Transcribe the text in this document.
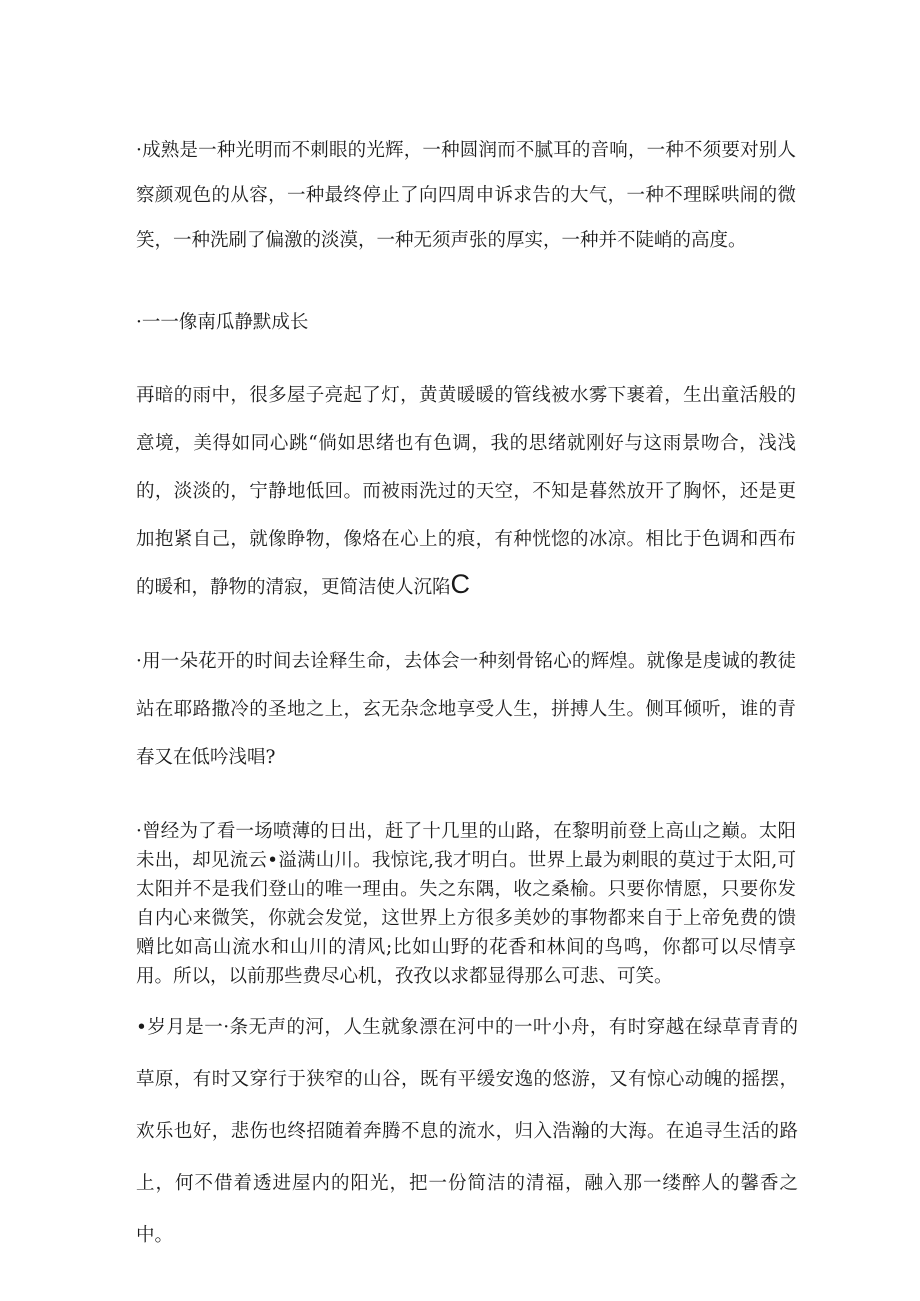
·成熟是一种光明而不刺眼的光辉，一种圆润而不腻耳的音响，一种不须要对别人察颜观色的从容，一种最终停止了向四周申诉求告的大气，一种不理睬哄闹的微笑，一种洗刷了偏激的淡漠，一种无须声张的厚实，一种并不陡峭的高度。

·一一像南瓜静默成长

再暗的雨中，很多屋子亮起了灯，黄黄暖暖的管线被水雾下裹着，生出童活般的意境，美得如同心跳“倘如思绪也有色调，我的思绪就刚好与这雨景吻合，浅浅的，淡淡的，宁静地低回。而被雨洗过的天空，不知是暮然放开了胸怀，还是更加抱紧自己，就像睁物，像烙在心上的痕，有种恍惚的冰凉。相比于色调和西布的暖和，静物的清寂，更简洁使人沉陷C

·用一朵花开的时间去诠释生命，去体会一种刻骨铭心的辉煌。就像是虔诚的教徒站在耶路撒冷的圣地之上，玄无杂念地享受人生，拼搏人生。侧耳倾听，谁的青春又在低吟浅唱?

·曾经为了看一场喷薄的日出，赶了十几里的山路，在黎明前登上高山之巅。太阳未出，却见流云•溢满山川。我惊诧,我才明白。世界上最为刺眼的莫过于太阳,可太阳并不是我们登山的唯一理由。失之东隅，收之桑榆。只要你情愿，只要你发自内心来微笑，你就会发觉，这世界上方很多美妙的事物都来自于上帝免费的馈赠比如高山流水和山川的清风;比如山野的花香和林间的鸟鸣，你都可以尽情享用。所以，以前那些费尽心机，孜孜以求都显得那么可悲、可笑。

•岁月是一·条无声的河，人生就象漂在河中的一叶小舟，有时穿越在绿草青青的草原，有时又穿行于狭窄的山谷，既有平缓安逸的悠游，又有惊心动魄的摇摆，欢乐也好，悲伤也终招随着奔腾不息的流水，归入浩瀚的大海。在追寻生活的路上，何不借着透进屋内的阳光，把一份简洁的清福，融入那一缕醉人的馨香之中。
